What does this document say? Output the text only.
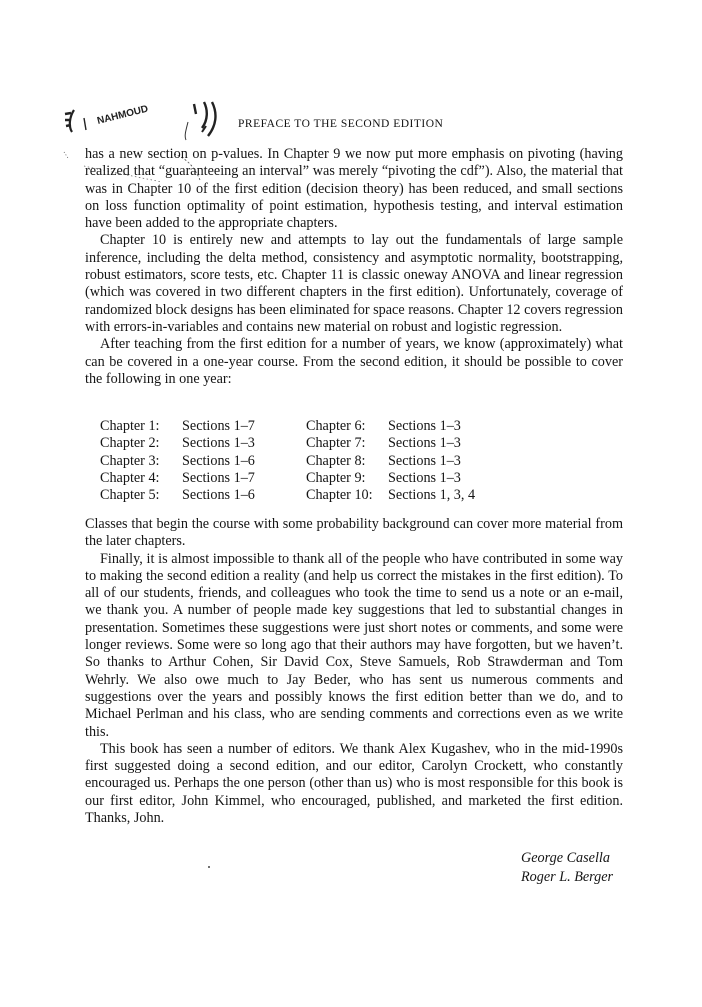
NAHMOUD	PREFACE TO THE SECOND EDITION

has a new section on p-values. In Chapter 9 we now put more emphasis on pivoting (having realized that “guaranteeing an interval” was merely “pivoting the cdf”). Also, the material that was in Chapter 10 of the first edition (decision theory) has been reduced, and small sections on loss function optimality of point estimation, hypothesis testing, and interval estimation have been added to the appropriate chapters.

Chapter 10 is entirely new and attempts to lay out the fundamentals of large sample inference, including the delta method, consistency and asymptotic normality, bootstrapping, robust estimators, score tests, etc. Chapter 11 is classic oneway ANOVA and linear regression (which was covered in two different chapters in the first edition). Unfortunately, coverage of randomized block designs has been eliminated for space reasons. Chapter 12 covers regression with errors-in-variables and contains new material on robust and logistic regression.

After teaching from the first edition for a number of years, we know (approximately) what can be covered in a one-year course. From the second edition, it should be possible to cover the following in one year:

Chapter 1:	Sections 1–7	Chapter 6:	Sections 1–3
Chapter 2:	Sections 1–3	Chapter 7:	Sections 1–3
Chapter 3:	Sections 1–6	Chapter 8:	Sections 1–3
Chapter 4:	Sections 1–7	Chapter 9:	Sections 1–3
Chapter 5:	Sections 1–6	Chapter 10:	Sections 1, 3, 4

Classes that begin the course with some probability background can cover more material from the later chapters.

Finally, it is almost impossible to thank all of the people who have contributed in some way to making the second edition a reality (and help us correct the mistakes in the first edition). To all of our students, friends, and colleagues who took the time to send us a note or an e-mail, we thank you. A number of people made key suggestions that led to substantial changes in presentation. Sometimes these suggestions were just short notes or comments, and some were longer reviews. Some were so long ago that their authors may have forgotten, but we haven’t. So thanks to Arthur Cohen, Sir David Cox, Steve Samuels, Rob Strawderman and Tom Wehrly. We also owe much to Jay Beder, who has sent us numerous comments and suggestions over the years and possibly knows the first edition better than we do, and to Michael Perlman and his class, who are sending comments and corrections even as we write this.

This book has seen a number of editors. We thank Alex Kugashev, who in the mid-1990s first suggested doing a second edition, and our editor, Carolyn Crockett, who constantly encouraged us. Perhaps the one person (other than us) who is most responsible for this book is our first editor, John Kimmel, who encouraged, published, and marketed the first edition. Thanks, John.

George Casella
Roger L. Berger
